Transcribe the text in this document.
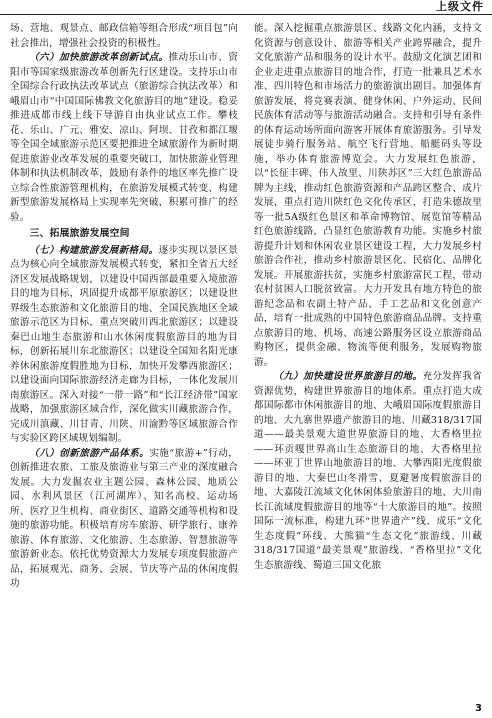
上级文件

场、营地、观景点、邮政信箱等组合形成“项目包”向社会推出，增强社会投资的积极性。

（六）加快旅游改革创新试点。推动乐山市、资阳市等国家级旅游改革创新先行区建设。支持乐山市全国综合行政执法改革试点（旅游综合执法改革）和峨眉山市“中国国际佛教文化旅游目的地”建设。稳妥推进成都市线上线下导游自由执业试点工作。攀枝花、乐山、广元、雅安、凉山、阿坝、甘孜和都江堰等全国全域旅游示范区要把推进全域旅游作为新时期促进旅游业改革发展的重要突破口，加快旅游业管理体制和执法机制改革，鼓励有条件的地区率先推广设立综合性旅游管理机构，在旅游发展模式转变、构建新型旅游发展格局上实现率先突破，积累可推广的经验。

三、拓展旅游发展空间

（七）构建旅游发展新格局。逐步实现以景区景点为核心向全域旅游发展模式转变，紧扣全省五大经济区发展战略规划，以建设中国西部最重要入境旅游目的地为目标，巩固提升成都平原旅游区；以建设世界级生态旅游和文化旅游目的地、全国民族地区全域旅游示范区为目标，重点突破川西北旅游区；以建设秦巴山地生态旅游和山水休闲度假旅游目的地为目标，创新拓展川东北旅游区；以建设全国知名阳光康养休闲旅游度假胜地为目标，加快开发攀西旅游区；以建设面向国际旅游经济走廊为目标，一体化发展川南旅游区。深入对接“一带一路”和“长江经济带”国家战略，加强旅游区域合作，深化做实川藏旅游合作，完成川滇藏、川甘青、川陕、川渝黔等区域旅游合作与实验区跨区域规划编制。

（八）创新旅游产品体系。实施“旅游+”行动，创新推进农旅、工旅及旅游业与第三产业的深度融合发展。大力发掘农业主题公园、森林公园、地质公园、水利风景区（江河湖库）、知名高校、运动场所、医疗卫生机构、商业街区、道路交通等机构和设施的旅游功能。积极培育房车旅游、研学旅行、康养旅游、体育旅游、文化旅游、生态旅游、智慧旅游等旅游新业态。依托优势资源大力发展专项度假旅游产品，拓展观光、商务、会展、节庆等产品的休闲度假功

能。深入挖掘重点旅游景区、线路文化内涵，支持文化资源与创意设计、旅游等相关产业跨界融合，提升文化旅游产品和服务的设计水平。鼓励文化演艺团和企业走进重点旅游目的地合作，打造一批兼具艺术水准、四川特色和市场活力的旅游演出剧目。加强体育旅游发展，将竞赛表演、健身休闲、户外运动、民间民族体育活动等与旅游活动融合。支持和引导有条件的体育运动场所面向游客开展体育旅游服务。引导发展徒步骑行服务站、航空飞行营地、船艇码头等设施，举办体育旅游博览会。大力发展红色旅游，以“长征丰碑、伟人故里、川陕苏区”三大红色旅游品牌为主线，推动红色旅游资源和产品跨区整合、成片发展，重点打造川陕红色文化传承区，打造朱德故里等一批5A级红色景区和革命博物馆、展览馆等精品红色旅游线路，凸显红色旅游教育功能。实施乡村旅游提升计划和休闲农业景区建设工程，大力发展乡村旅游合作社，推动乡村旅游景区化、民宿化、品牌化发展。开展旅游扶贫，实施乡村旅游富民工程，带动农村贫困人口脱贫致富。大力开发具有地方特色的旅游纪念品和农副土特产品、手工艺品和文化创意产品，培育一批成熟的中国特色旅游商品品牌。支持重点旅游目的地、机场、高速公路服务区设立旅游商品购物区，提供金融、物流等便利服务，发展购物旅游。

（九）加快建设世界旅游目的地。充分发挥我省资源优势，构建世界旅游目的地体系。重点打造大成都国际都市休闲旅游目的地、大峨眉国际度假旅游目的地、大九寨世界遗产旅游目的地、川藏318/317国道——最美景观大道世界旅游目的地、大香格里拉——环贡嘎世界高山生态旅游目的地、大香格里拉——环亚丁世界山地旅游目的地、大攀西阳光度假旅游目的地、大秦巴山冬滑雪、夏避暑度假旅游目的地、大嘉陵江流域文化休闲体验旅游目的地、大川南长江流域度假旅游目的地等“十大旅游目的地”。按照国际一流标准，构建九环“世界遗产”线、成乐“文化生态度假”环线、大熊猫“生态文化”旅游线、川藏318/317国道“最美景观”旅游线、“香格里拉”文化生态旅游线、蜀道三国文化旅

3
